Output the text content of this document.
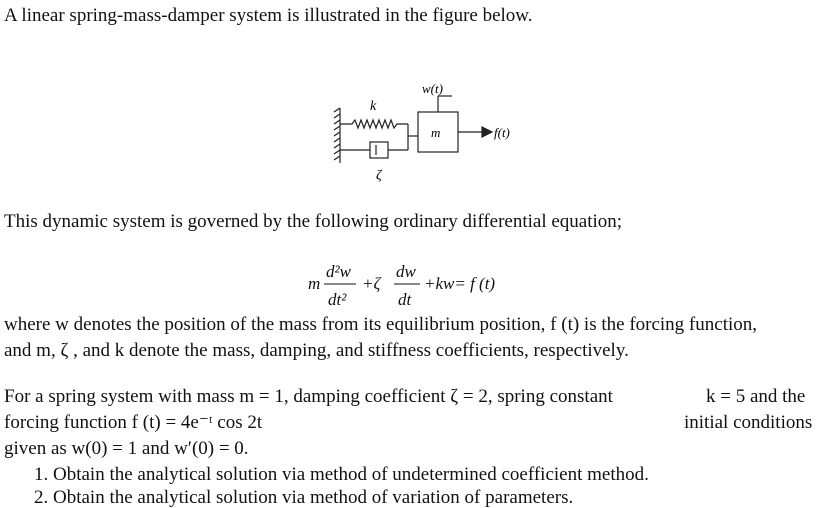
A linear spring-mass-damper system is illustrated in the figure below.
w(t)
k
m	f(t)
ζ
This dynamic system is governed by the following ordinary differential equation;
m
d²w
dt²
+ζ
dw
dt
+kw= f (t)
where w denotes the position of the mass from its equilibrium position, f (t) is the forcing function,
and m, ζ , and k denote the mass, damping, and stiffness coefficients, respectively.
For a spring system with mass m = 1, damping coefficient ζ = 2, spring constant	k = 5 and the
forcing function f (t) = 4e⁻ᵗ cos 2t	initial conditions
given as w(0) = 1 and w′(0) = 0.
1. Obtain the analytical solution via method of undetermined coefficient method.
2. Obtain the analytical solution via method of variation of parameters.
